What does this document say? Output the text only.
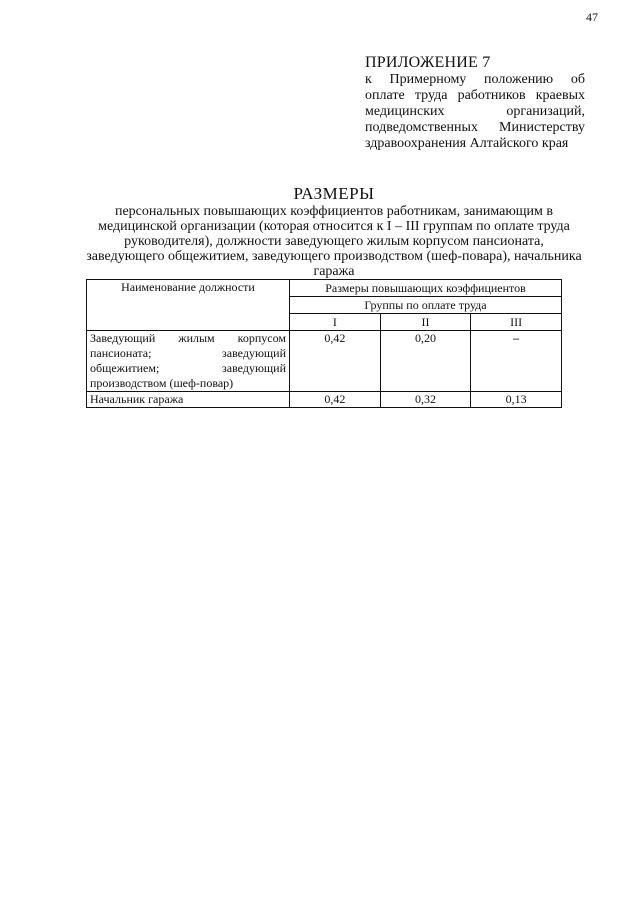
47
ПРИЛОЖЕНИЕ 7
к Примерному положению об оплате труда работников краевых медицинских организаций, подведомственных Министерству здравоохранения Алтайского края
РАЗМЕРЫ
персональных повышающих коэффициентов работникам, занимающим в медицинской организации (которая относится к I – III группам по оплате труда руководителя), должности заведующего жилым корпусом пансионата, заведующего общежитием, заведующего производством (шеф-повара), начальника гаража
Наименование должности	Размеры повышающих коэффициентов		
	Группы по оплате труда		
	I	II	III
Заведующий жилым корпусом пансионата; заведующий общежитием; заведующий производством (шеф-повар)	0,42	0,20	–
Начальник гаража	0,42	0,32	0,13
